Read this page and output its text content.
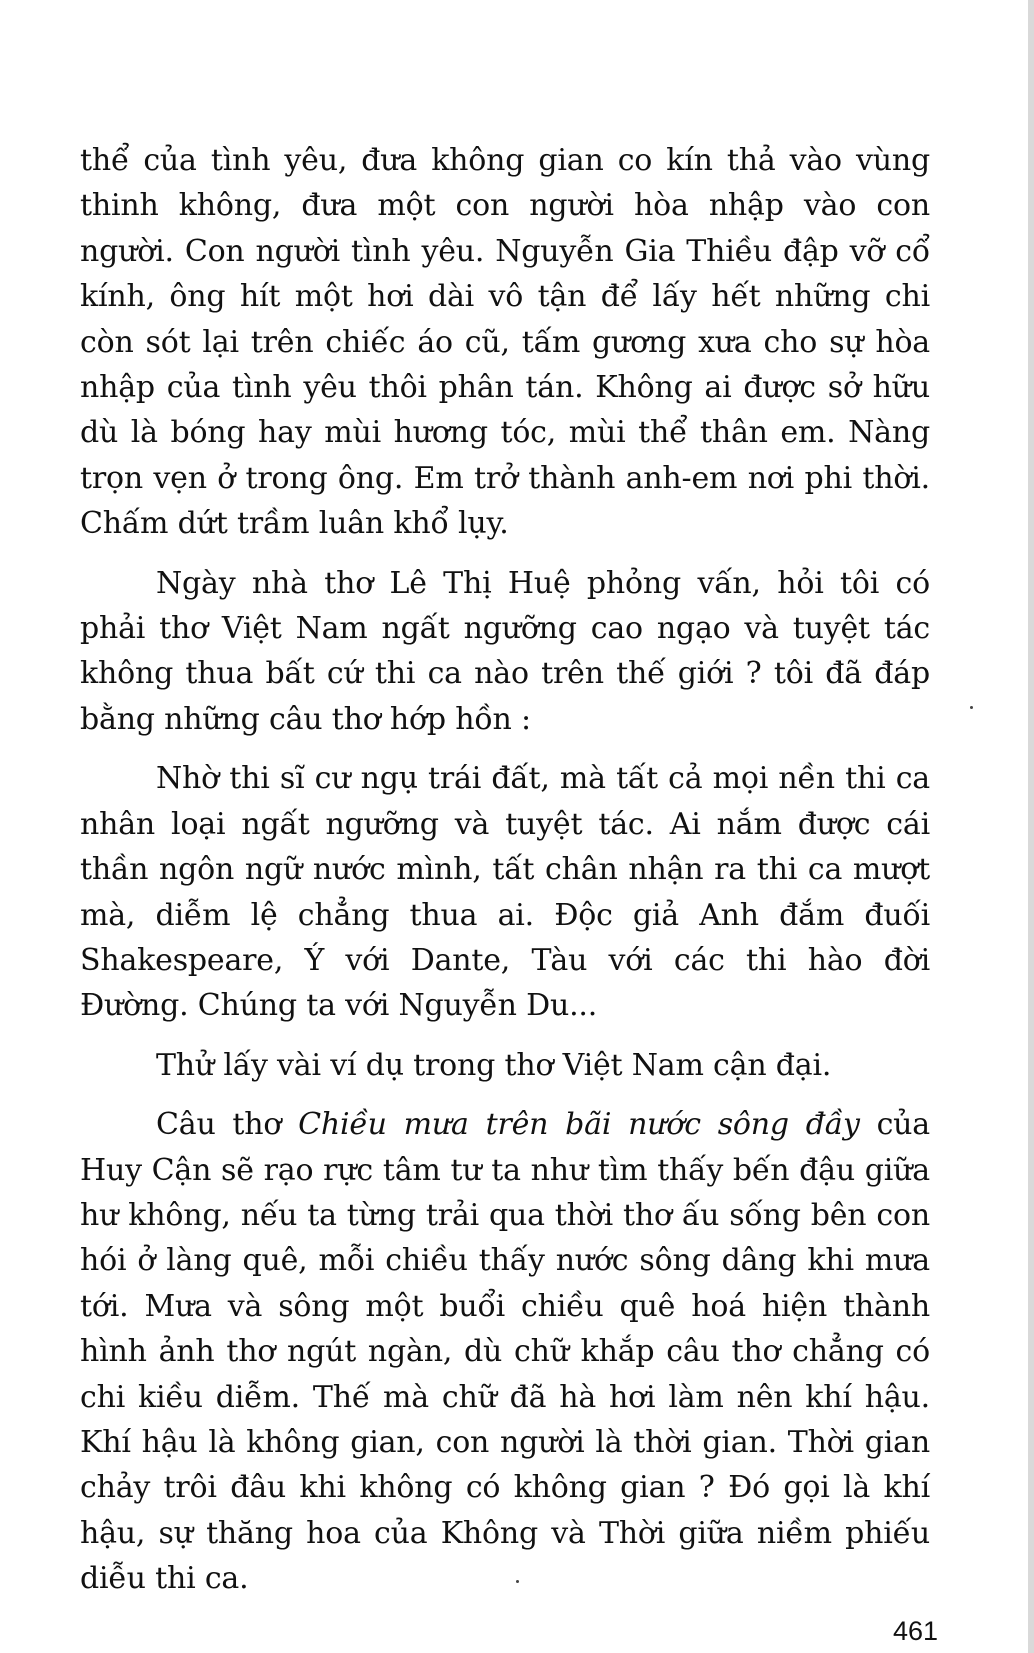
thể của tình yêu, đưa không gian co kín thả vào vùng thinh không, đưa một con người hòa nhập vào con người. Con người tình yêu. Nguyễn Gia Thiều đập vỡ cổ kính, ông hít một hơi dài vô tận để lấy hết những chi còn sót lại trên chiếc áo cũ, tấm gương xưa cho sự hòa nhập của tình yêu thôi phân tán. Không ai được sở hữu dù là bóng hay mùi hương tóc, mùi thể thân em. Nàng trọn vẹn ở trong ông. Em trở thành anh-em nơi phi thời. Chấm dứt trầm luân khổ lụy.

Ngày nhà thơ Lê Thị Huệ phỏng vấn, hỏi tôi có phải thơ Việt Nam ngất ngưỡng cao ngạo và tuyệt tác không thua bất cứ thi ca nào trên thế giới ? tôi đã đáp bằng những câu thơ hớp hồn :

Nhờ thi sĩ cư ngụ trái đất, mà tất cả mọi nền thi ca nhân loại ngất ngưỡng và tuyệt tác. Ai nắm được cái thần ngôn ngữ nước mình, tất chân nhận ra thi ca mượt mà, diễm lệ chẳng thua ai. Độc giả Anh đắm đuối Shakespeare, Ý với Dante, Tàu với các thi hào đời Đường. Chúng ta với Nguyễn Du...

Thử lấy vài ví dụ trong thơ Việt Nam cận đại.

Câu thơ Chiều mưa trên bãi nước sông đầy của Huy Cận sẽ rạo rực tâm tư ta như tìm thấy bến đậu giữa hư không, nếu ta từng trải qua thời thơ ấu sống bên con hói ở làng quê, mỗi chiều thấy nước sông dâng khi mưa tới. Mưa và sông một buổi chiều quê hoá hiện thành hình ảnh thơ ngút ngàn, dù chữ khắp câu thơ chẳng có chi kiều diễm. Thế mà chữ đã hà hơi làm nên khí hậu. Khí hậu là không gian, con người là thời gian. Thời gian chảy trôi đâu khi không có không gian ? Đó gọi là khí hậu, sự thăng hoa của Không và Thời giữa niềm phiếu diễu thi ca.

461
